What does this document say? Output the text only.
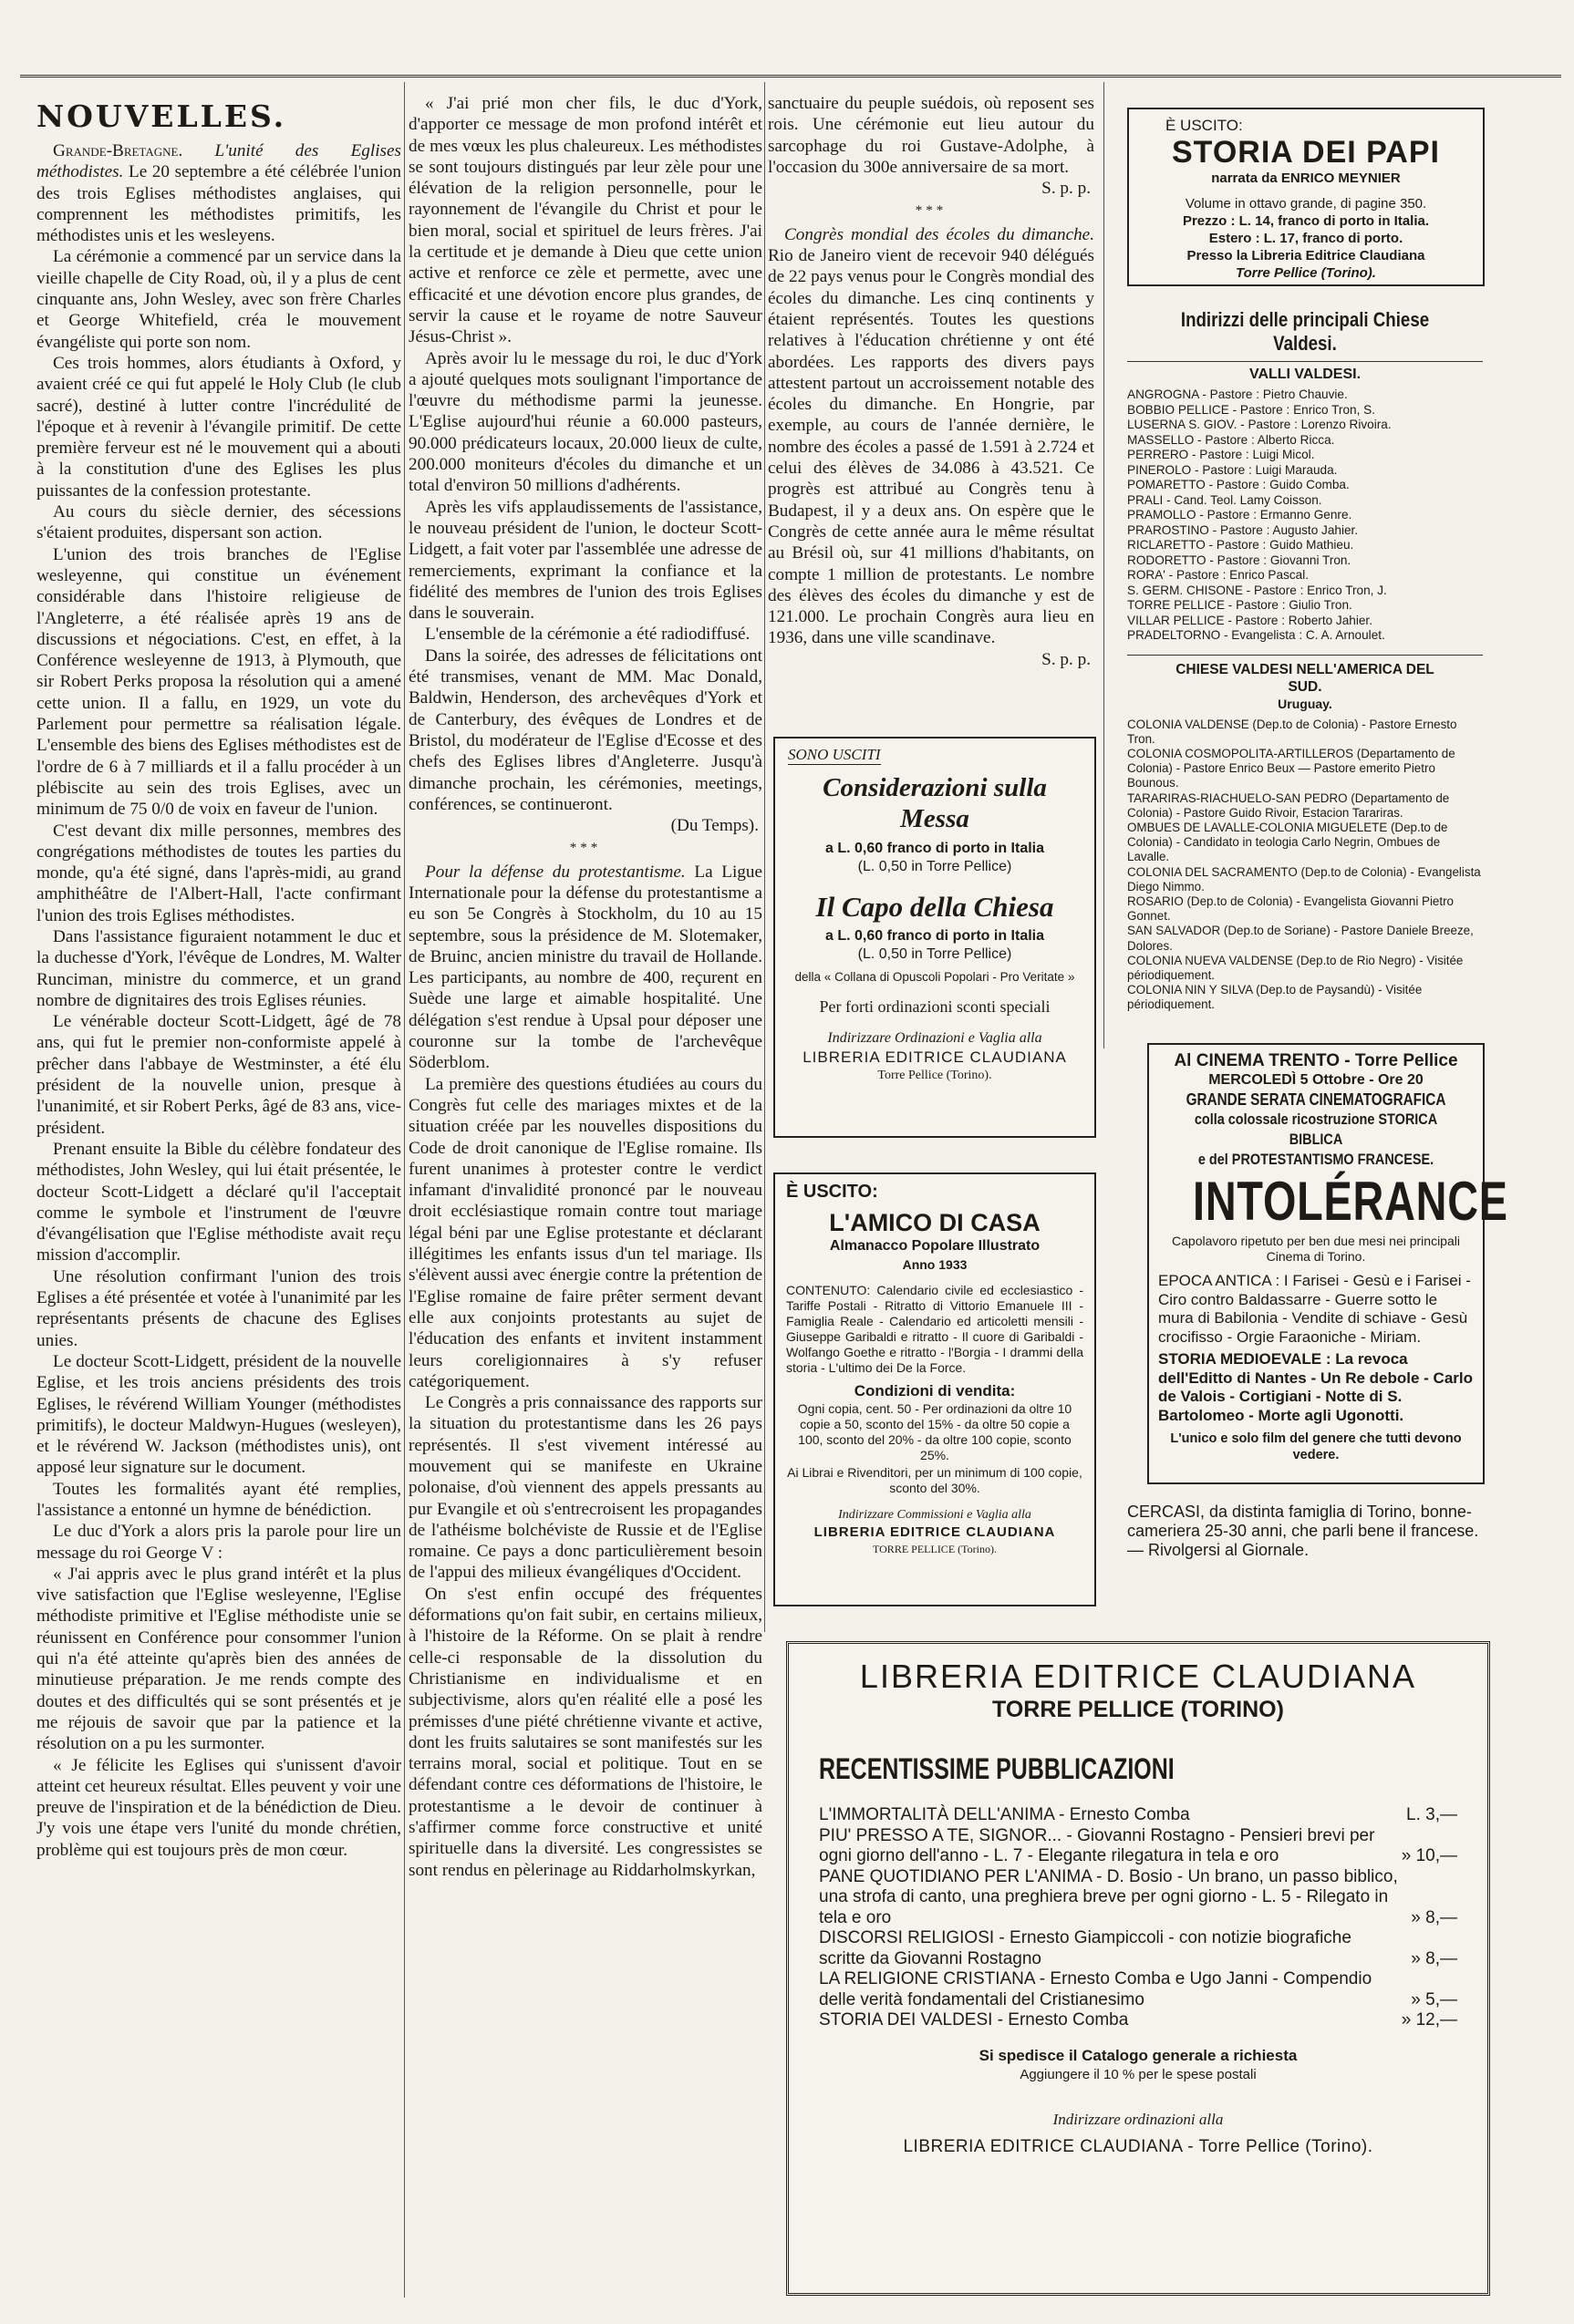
NOUVELLES.

Grande-Bretagne. L'unité des Eglises méthodistes. Le 20 septembre a été célébrée l'union des trois Eglises méthodistes anglaises, qui comprennent les méthodistes primitifs, les méthodistes unis et les wesleyens.

La cérémonie a commencé par un service dans la vieille chapelle de City Road, où, il y a plus de cent cinquante ans, John Wesley, avec son frère Charles et George Whitefield, créa le mouvement évangéliste qui porte son nom.

Ces trois hommes, alors étudiants à Oxford, y avaient créé ce qui fut appelé le Holy Club (le club sacré), destiné à lutter contre l'incrédulité de l'époque et à revenir à l'évangile primitif. De cette première ferveur est né le mouvement qui a abouti à la constitution d'une des Eglises les plus puissantes de la confession protestante.

Au cours du siècle dernier, des sécessions s'étaient produites, dispersant son action.

L'union des trois branches de l'Eglise wesleyenne, qui constitue un événement considérable dans l'histoire religieuse de l'Angleterre, a été réalisée après 19 ans de discussions et négociations. C'est, en effet, à la Conférence wesleyenne de 1913, à Plymouth, que sir Robert Perks proposa la résolution qui a amené cette union. Il a fallu, en 1929, un vote du Parlement pour permettre sa réalisation légale. L'ensemble des biens des Eglises méthodistes est de l'ordre de 6 à 7 milliards et il a fallu procéder à un plébiscite au sein des trois Eglises, avec un minimum de 75 0/0 de voix en faveur de l'union.

C'est devant dix mille personnes, membres des congrégations méthodistes de toutes les parties du monde, qu'a été signé, dans l'après-midi, au grand amphithéâtre de l'Albert-Hall, l'acte confirmant l'union des trois Eglises méthodistes.

Dans l'assistance figuraient notamment le duc et la duchesse d'York, l'évêque de Londres, M. Walter Runciman, ministre du commerce, et un grand nombre de dignitaires des trois Eglises réunies.

Le vénérable docteur Scott-Lidgett, âgé de 78 ans, qui fut le premier non-conformiste appelé à prêcher dans l'abbaye de Westminster, a été élu président de la nouvelle union, presque à l'unanimité, et sir Robert Perks, âgé de 83 ans, vice-président.

Prenant ensuite la Bible du célèbre fondateur des méthodistes, John Wesley, qui lui était présentée, le docteur Scott-Lidgett a déclaré qu'il l'acceptait comme le symbole et l'instrument de l'œuvre d'évangélisation que l'Eglise méthodiste avait reçu mission d'accomplir.

Une résolution confirmant l'union des trois Eglises a été présentée et votée à l'unanimité par les représentants présents de chacune des Eglises unies.

Le docteur Scott-Lidgett, président de la nouvelle Eglise, et les trois anciens présidents des trois Eglises, le révérend William Younger (méthodistes primitifs), le docteur Maldwyn-Hugues (wesleyen), et le révérend W. Jackson (méthodistes unis), ont apposé leur signature sur le document.

Toutes les formalités ayant été remplies, l'assistance a entonné un hymne de bénédiction.

Le duc d'York a alors pris la parole pour lire un message du roi George V :

« J'ai appris avec le plus grand intérêt et la plus vive satisfaction que l'Eglise wesleyenne, l'Eglise méthodiste primitive et l'Eglise méthodiste unie se réunissent en Conférence pour consommer l'union qui n'a été atteinte qu'après bien des années de minutieuse préparation. Je me rends compte des doutes et des difficultés qui se sont présentés et je me réjouis de savoir que par la patience et la résolution on a pu les surmonter.

« Je félicite les Eglises qui s'unissent d'avoir atteint cet heureux résultat. Elles peuvent y voir une preuve de l'inspiration et de la bénédiction de Dieu. J'y vois une étape vers l'unité du monde chrétien, problème qui est toujours près de mon cœur.

« J'ai prié mon cher fils, le duc d'York, d'apporter ce message de mon profond intérêt et de mes vœux les plus chaleureux. Les méthodistes se sont toujours distingués par leur zèle pour une élévation de la religion personnelle, pour le rayonnement de l'évangile du Christ et pour le bien moral, social et spirituel de leurs frères. J'ai la certitude et je demande à Dieu que cette union active et renforce ce zèle et permette, avec une efficacité et une dévotion encore plus grandes, de servir la cause et le royame de notre Sauveur Jésus-Christ ».

Après avoir lu le message du roi, le duc d'York a ajouté quelques mots soulignant l'importance de l'œuvre du méthodisme parmi la jeunesse. L'Eglise aujourd'hui réunie a 60.000 pasteurs, 90.000 prédicateurs locaux, 20.000 lieux de culte, 200.000 moniteurs d'écoles du dimanche et un total d'environ 50 millions d'adhérents.

Après les vifs applaudissements de l'assistance, le nouveau président de l'union, le docteur Scott-Lidgett, a fait voter par l'assemblée une adresse de remerciements, exprimant la confiance et la fidélité des membres de l'union des trois Eglises dans le souverain.

L'ensemble de la cérémonie a été radiodiffusé.

Dans la soirée, des adresses de félicitations ont été transmises, venant de MM. Mac Donald, Baldwin, Henderson, des archevêques d'York et de Canterbury, des évêques de Londres et de Bristol, du modérateur de l'Eglise d'Ecosse et des chefs des Eglises libres d'Angleterre. Jusqu'à dimanche prochain, les cérémonies, meetings, conférences, se continueront.

(Du Temps).
***

Pour la défense du protestantisme. La Ligue Internationale pour la défense du protestantisme a eu son 5e Congrès à Stockholm, du 10 au 15 septembre, sous la présidence de M. Slotemaker, de Bruinc, ancien ministre du travail de Hollande. Les participants, au nombre de 400, reçurent en Suède une large et aimable hospitalité. Une délégation s'est rendue à Upsal pour déposer une couronne sur la tombe de l'archevêque Söderblom.

La première des questions étudiées au cours du Congrès fut celle des mariages mixtes et de la situation créée par les nouvelles dispositions du Code de droit canonique de l'Eglise romaine. Ils furent unanimes à protester contre le verdict infamant d'invalidité prononcé par le nouveau droit ecclésiastique romain contre tout mariage légal béni par une Eglise protestante et déclarant illégitimes les enfants issus d'un tel mariage. Ils s'élèvent aussi avec énergie contre la prétention de l'Eglise romaine de faire prêter serment devant elle aux conjoints protestants au sujet de l'éducation des enfants et invitent instamment leurs coreligionnaires à s'y refuser catégoriquement.

Le Congrès a pris connaissance des rapports sur la situation du protestantisme dans les 26 pays représentés. Il s'est vivement intéressé au mouvement qui se manifeste en Ukraine polonaise, d'où viennent des appels pressants au pur Evangile et où s'entrecroisent les propagandes de l'athéisme bolchéviste de Russie et de l'Eglise romaine. Ce pays a donc particulièrement besoin de l'appui des milieux évangéliques d'Occident.

On s'est enfin occupé des fréquentes déformations qu'on fait subir, en certains milieux, à l'histoire de la Réforme. On se plait à rendre celle-ci responsable de la dissolution du Christianisme en individualisme et en subjectivisme, alors qu'en réalité elle a posé les prémisses d'une piété chrétienne vivante et active, dont les fruits salutaires se sont manifestés sur les terrains moral, social et politique. Tout en se défendant contre ces déformations de l'histoire, le protestantisme a le devoir de continuer à s'affirmer comme force constructive et unité spirituelle dans la diversité. Les congressistes se sont rendus en pèlerinage au Riddarholmskyrkan,

sanctuaire du peuple suédois, où reposent ses rois. Une cérémonie eut lieu autour du sarcophage du roi Gustave-Adolphe, à l'occasion du 300e anniversaire de sa mort.

S. p. p.
***

Congrès mondial des écoles du dimanche. Rio de Janeiro vient de recevoir 940 délégués de 22 pays venus pour le Congrès mondial des écoles du dimanche. Les cinq continents y étaient représentés. Toutes les questions relatives à l'éducation chrétienne y ont été abordées. Les rapports des divers pays attestent partout un accroissement notable des écoles du dimanche. En Hongrie, par exemple, au cours de l'année dernière, le nombre des écoles a passé de 1.591 à 2.724 et celui des élèves de 34.086 à 43.521. Ce progrès est attribué au Congrès tenu à Budapest, il y a deux ans. On espère que le Congrès de cette année aura le même résultat au Brésil où, sur 41 millions d'habitants, on compte 1 million de protestants. Le nombre des élèves des écoles du dimanche y est de 121.000. Le prochain Congrès aura lieu en 1936, dans une ville scandinave.

S. p. p.
SONO USCITI
Considerazioni sulla Messa
a L. 0,60 franco di porto in Italia
(L. 0,50 in Torre Pellice)
Il Capo della Chiesa
a L. 0,60 franco di porto in Italia
(L. 0,50 in Torre Pellice)
della « Collana di Opuscoli Popolari - Pro Veritate »
Per forti ordinazioni sconti speciali
Indirizzare Ordinazioni e Vaglia alla
LIBRERIA EDITRICE CLAUDIANA
Torre Pellice (Torino).
È USCITO:
L'AMICO DI CASA
Almanacco Popolare Illustrato
Anno 1933
CONTENUTO: Calendario civile ed ecclesiastico - Tariffe Postali - Ritratto di Vittorio Emanuele III - Famiglia Reale - Calendario ed articoletti mensili - Giuseppe Garibaldi e ritratto - Il cuore di Garibaldi - Wolfango Goethe e ritratto - l'Borgia - I drammi della storia - L'ultimo dei De la Force.
Condizioni di vendita:
Ogni copia, cent. 50 - Per ordinazioni da oltre 10 copie a 50, sconto del 15% - da oltre 50 copie a 100, sconto del 20% - da oltre 100 copie, sconto 25%.
Ai Librai e Rivenditori, per un minimum di 100 copie, sconto del 30%.
Indirizzare Commissioni e Vaglia alla
LIBRERIA EDITRICE CLAUDIANA
TORRE PELLICE (Torino).
È USCITO:
STORIA DEI PAPI
narrata da ENRICO MEYNIER
Volume in ottavo grande, di pagine 350.
Prezzo : L. 14, franco di porto in Italia.
Estero : L. 17, franco di porto.
Presso la Libreria Editrice Claudiana
Torre Pellice (Torino).
Indirizzi delle principali Chiese Valdesi.
VALLI VALDESI.
ANGROGNA - Pastore : Pietro Chauvie.
BOBBIO PELLICE - Pastore : Enrico Tron, S.
LUSERNA S. GIOV. - Pastore : Lorenzo Rivoira.
MASSELLO - Pastore : Alberto Ricca.
PERRERO - Pastore : Luigi Micol.
PINEROLO - Pastore : Luigi Marauda.
POMARETTO - Pastore : Guido Comba.
PRALI - Cand. Teol. Lamy Coisson.
PRAMOLLO - Pastore : Ermanno Genre.
PRAROSTINO - Pastore : Augusto Jahier.
RICLARETTO - Pastore : Guido Mathieu.
RODORETTO - Pastore : Giovanni Tron.
RORA' - Pastore : Enrico Pascal.
S. GERM. CHISONE - Pastore : Enrico Tron, J.
TORRE PELLICE - Pastore : Giulio Tron.
VILLAR PELLICE - Pastore : Roberto Jahier.
PRADELTORNO - Evangelista : C. A. Arnoulet.
CHIESE VALDESI NELL'AMERICA DEL SUD.
Uruguay.
COLONIA VALDENSE (Dep.to de Colonia) - Pastore Ernesto Tron.
COLONIA COSMOPOLITA-ARTILLEROS (Departamento de Colonia) - Pastore Enrico Beux — Pastore emerito Pietro Bounous.
TARARIRAS-RIACHUELO-SAN PEDRO (Departamento de Colonia) - Pastore Guido Rivoir, Estacion Tarariras.
OMBUES DE LAVALLE-COLONIA MIGUELETE (Dep.to de Colonia) - Candidato in teologia Carlo Negrin, Ombues de Lavalle.
COLONIA DEL SACRAMENTO (Dep.to de Colonia) - Evangelista Diego Nimmo.
ROSARIO (Dep.to de Colonia) - Evangelista Giovanni Pietro Gonnet.
SAN SALVADOR (Dep.to de Soriane) - Pastore Daniele Breeze, Dolores.
COLONIA NUEVA VALDENSE (Dep.to de Rio Negro) - Visitée périodiquement.
COLONIA NIN Y SILVA (Dep.to de Paysandù) - Visitée périodiquement.
Al CINEMA TRENTO - Torre Pellice
MERCOLEDÌ 5 Ottobre - Ore 20
GRANDE SERATA CINEMATOGRAFICA
colla colossale ricostruzione STORICA BIBLICA
e del PROTESTANTISMO FRANCESE.
INTOLÉRANCE
Capolavoro ripetuto per ben due mesi nei principali Cinema di Torino.
EPOCA ANTICA : I Farisei - Gesù e i Farisei - Ciro contro Baldassarre - Guerre sotto le mura di Babilonia - Vendite di schiave - Gesù crocifisso - Orgie Faraoniche - Miriam.
STORIA MEDIOEVALE : La revoca dell'Editto di Nantes - Un Re debole - Carlo de Valois - Cortigiani - Notte di S. Bartolomeo - Morte agli Ugonotti.
L'unico e solo film del genere che tutti devono vedere.
CERCASI, da distinta famiglia di Torino, bonne-cameriera 25-30 anni, che parli bene il francese. — Rivolgersi al Giornale.
LIBRERIA EDITRICE CLAUDIANA
TORRE PELLICE (TORINO)
RECENTISSIME PUBBLICAZIONI
L'IMMORTALITÀ DELL'ANIMA - Ernesto Comba	L. 3,—
PIU' PRESSO A TE, SIGNOR... - Giovanni Rostagno - Pensieri brevi per ogni giorno dell'anno - L. 7 - Elegante rilegatura in tela e oro	» 10,—
PANE QUOTIDIANO PER L'ANIMA - D. Bosio - Un brano, un passo biblico, una strofa di canto, una preghiera breve per ogni giorno - L. 5 - Rilegato in tela e oro	» 8,—
DISCORSI RELIGIOSI - Ernesto Giampiccoli - con notizie biografiche scritte da Giovanni Rostagno	» 8,—
LA RELIGIONE CRISTIANA - Ernesto Comba e Ugo Janni - Compendio delle verità fondamentali del Cristianesimo	» 5,—
STORIA DEI VALDESI - Ernesto Comba	» 12,—
Si spedisce il Catalogo generale a richiesta
Aggiungere il 10 % per le spese postali
Indirizzare ordinazioni alla
LIBRERIA EDITRICE CLAUDIANA - Torre Pellice (Torino).
